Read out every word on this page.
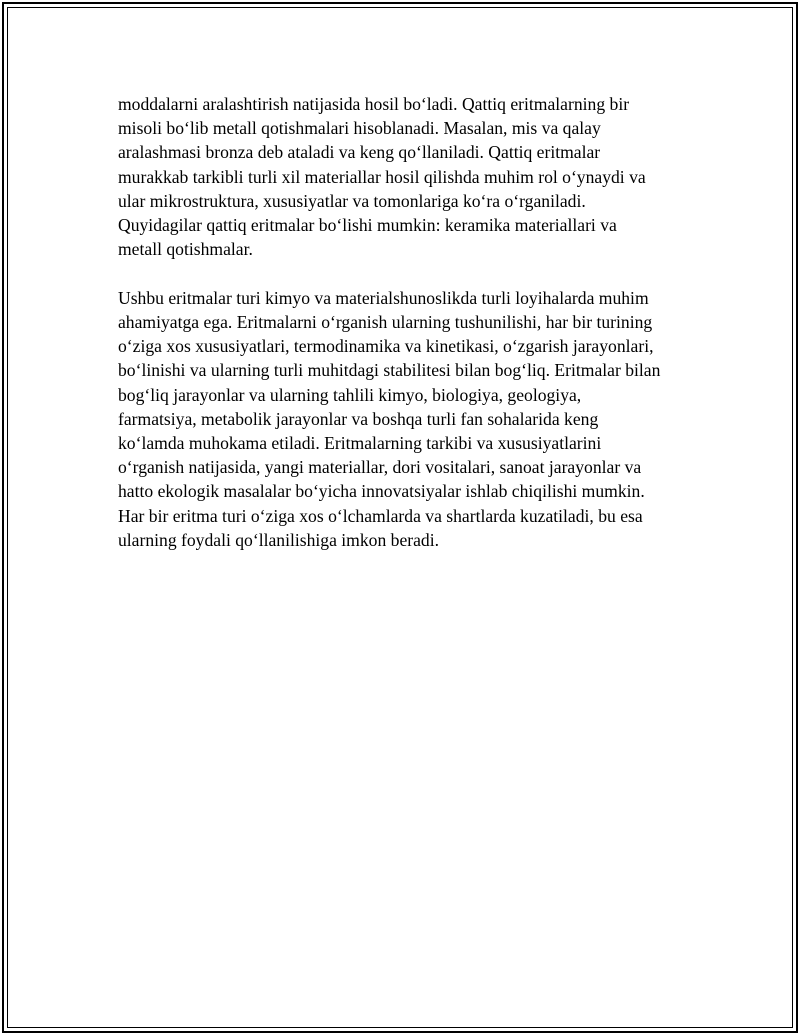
moddalarni aralashtirish natijasida hosil boʻladi. Qattiq eritmalarning bir
misoli boʻlib metall qotishmalari hisoblanadi. Masalan, mis va qalay
aralashmasi bronza deb ataladi va keng qoʻllaniladi. Qattiq eritmalar
murakkab tarkibli turli xil materiallar hosil qilishda muhim rol oʻynaydi va
ular mikrostruktura, xususiyatlar va tomonlariga koʻra oʻrganiladi.
Quyidagilar qattiq eritmalar boʻlishi mumkin: keramika materiallari va
metall qotishmalar.

Ushbu eritmalar turi kimyo va materialshunoslikda turli loyihalarda muhim
ahamiyatga ega. Eritmalarni oʻrganish ularning tushunilishi, har bir turining
oʻziga xos xususiyatlari, termodinamika va kinetikasi, oʻzgarish jarayonlari,
boʻlinishi va ularning turli muhitdagi stabilitesi bilan bogʻliq. Eritmalar bilan
bogʻliq jarayonlar va ularning tahlili kimyo, biologiya, geologiya,
farmatsiya, metabolik jarayonlar va boshqa turli fan sohalarida keng
koʻlamda muhokama etiladi. Eritmalarning tarkibi va xususiyatlarini
oʻrganish natijasida, yangi materiallar, dori vositalari, sanoat jarayonlar va
hatto ekologik masalalar boʻyicha innovatsiyalar ishlab chiqilishi mumkin.
Har bir eritma turi oʻziga xos oʻlchamlarda va shartlarda kuzatiladi, bu esa
ularning foydali qoʻllanilishiga imkon beradi.
